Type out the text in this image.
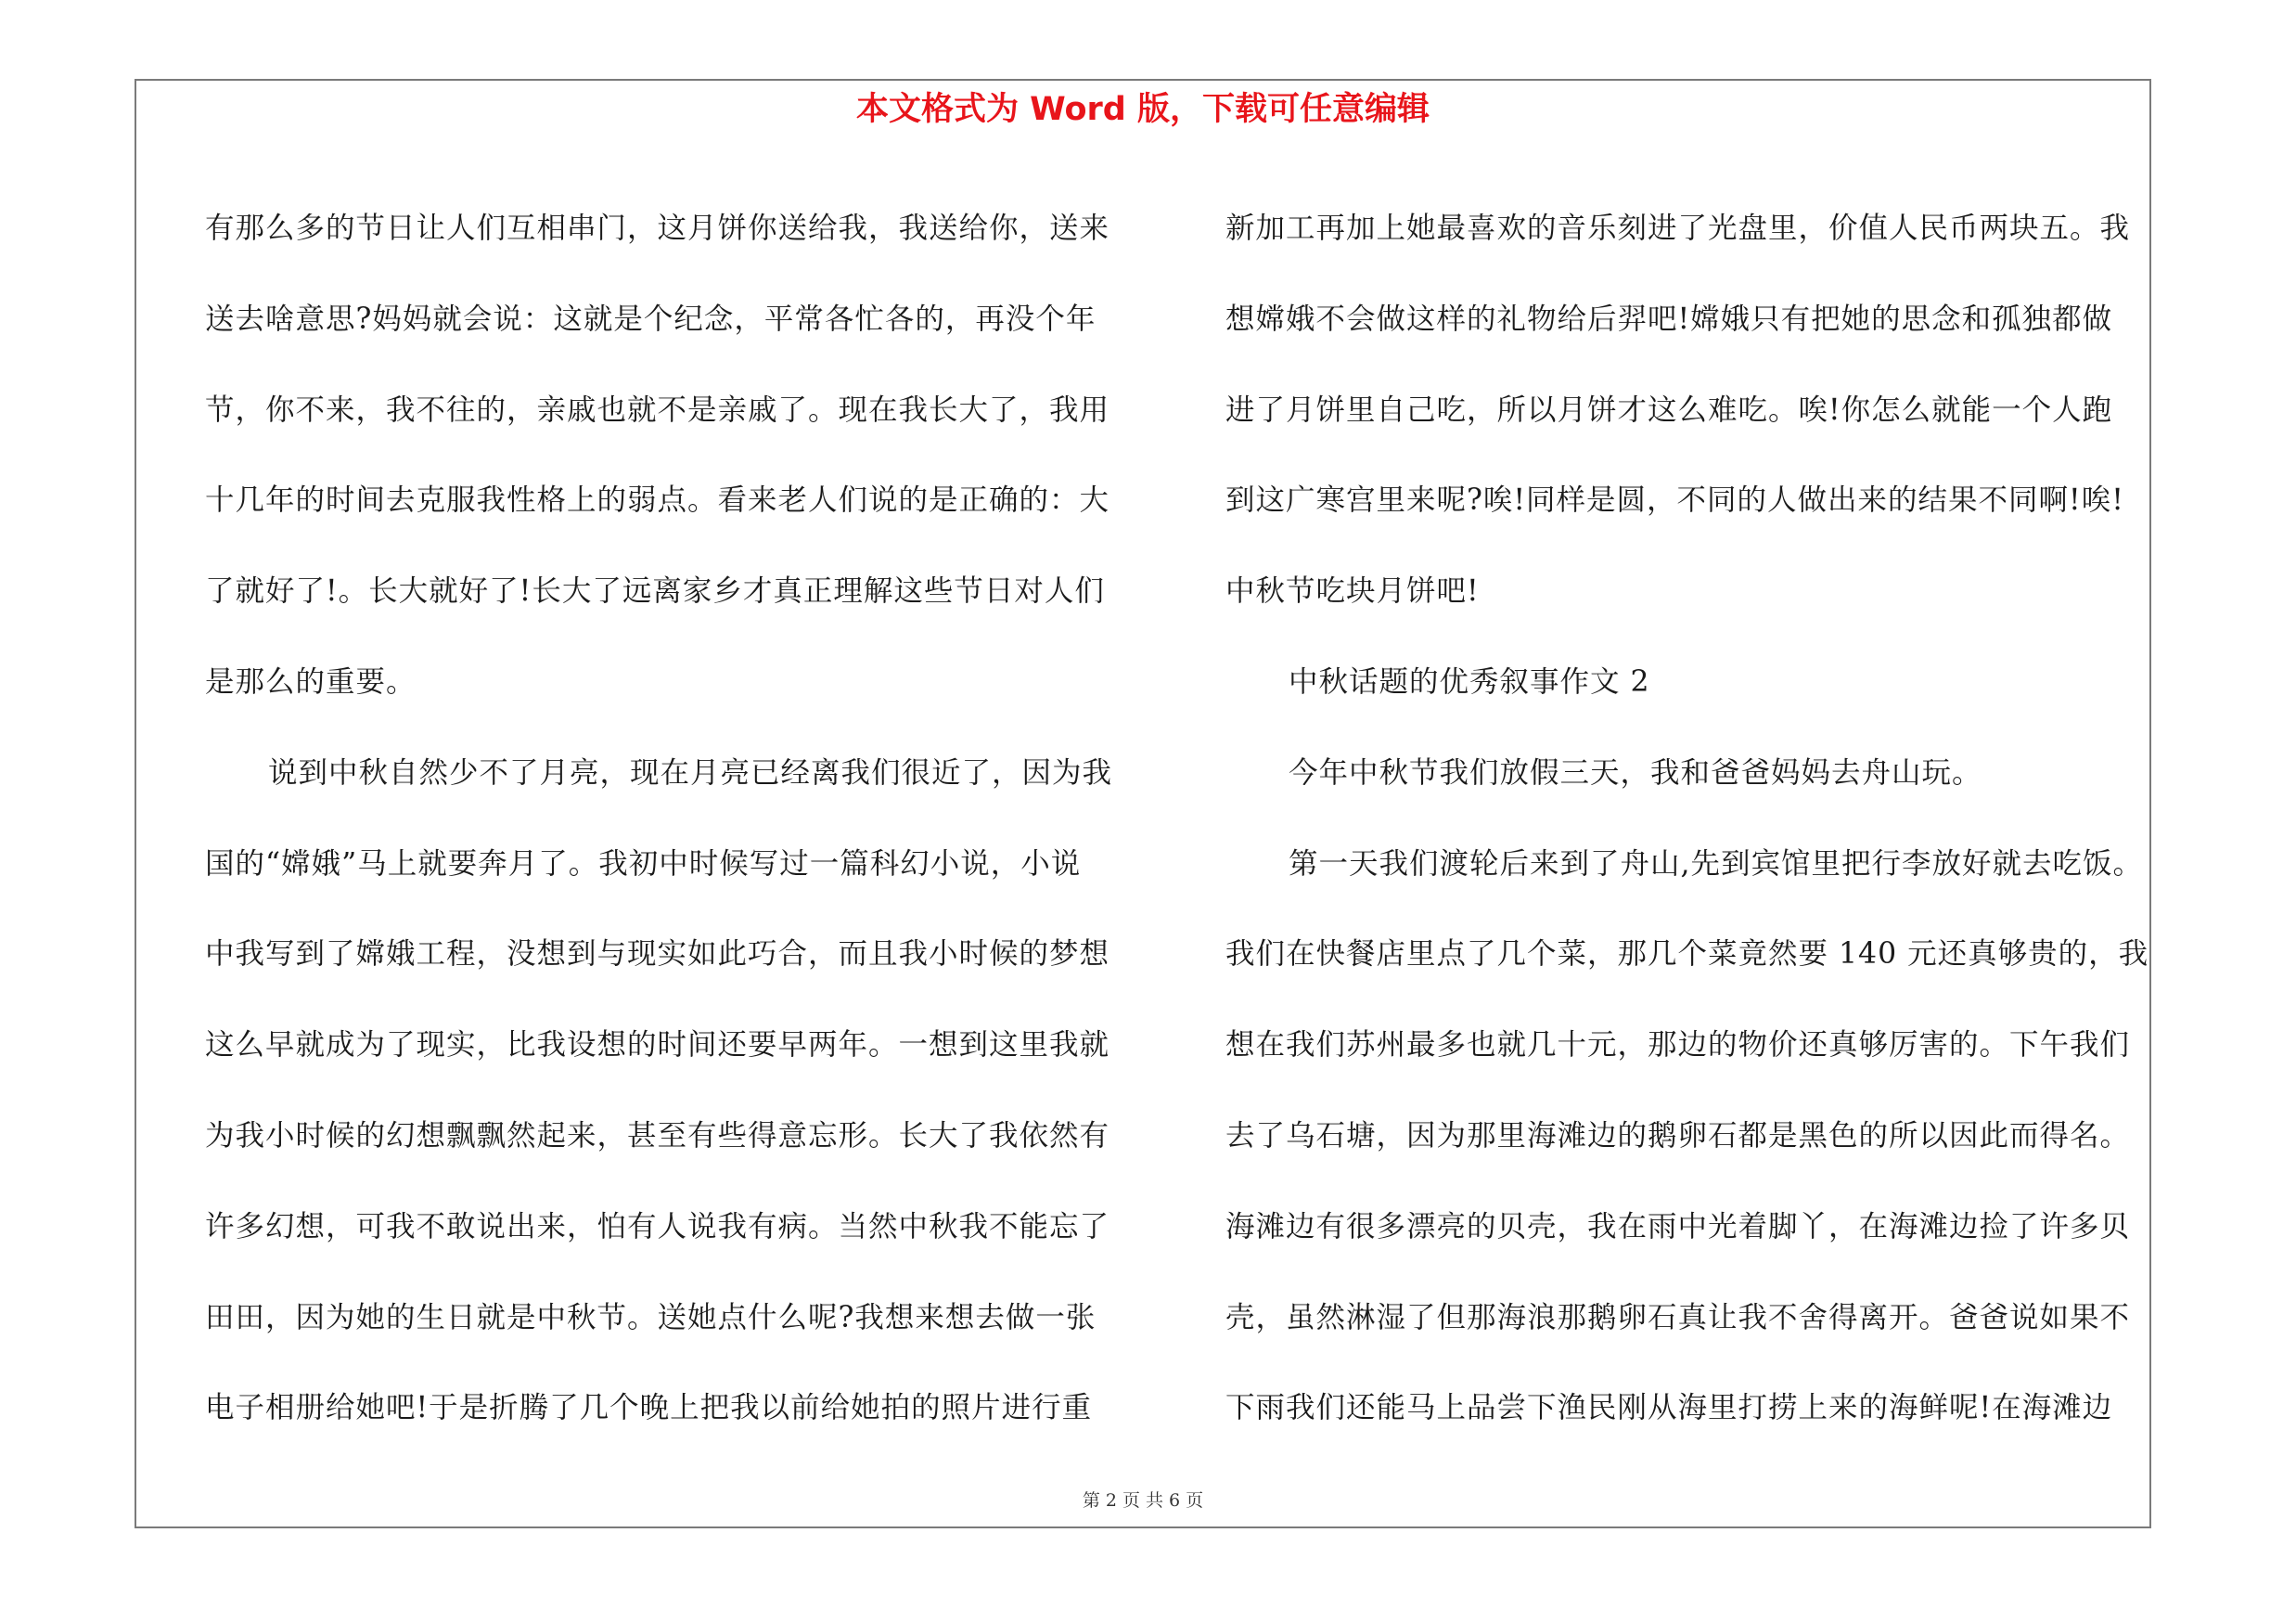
本文格式为 Word 版，下载可任意编辑
有那么多的节日让人们互相串门，这月饼你送给我，我送给你，送来
送去啥意思?妈妈就会说：这就是个纪念，平常各忙各的，再没个年
节，你不来，我不往的，亲戚也就不是亲戚了。现在我长大了，我用
十几年的时间去克服我性格上的弱点。看来老人们说的是正确的：大
了就好了!。长大就好了!长大了远离家乡才真正理解这些节日对人们
是那么的重要。
说到中秋自然少不了月亮，现在月亮已经离我们很近了，因为我
国的“嫦娥”马上就要奔月了。我初中时候写过一篇科幻小说，小说
中我写到了嫦娥工程，没想到与现实如此巧合，而且我小时候的梦想
这么早就成为了现实，比我设想的时间还要早两年。一想到这里我就
为我小时候的幻想飘飘然起来，甚至有些得意忘形。长大了我依然有
许多幻想，可我不敢说出来，怕有人说我有病。当然中秋我不能忘了
田田，因为她的生日就是中秋节。送她点什么呢?我想来想去做一张
电子相册给她吧!于是折腾了几个晚上把我以前给她拍的照片进行重
新加工再加上她最喜欢的音乐刻进了光盘里，价值人民币两块五。我
想嫦娥不会做这样的礼物给后羿吧!嫦娥只有把她的思念和孤独都做
进了月饼里自己吃，所以月饼才这么难吃。唉!你怎么就能一个人跑
到这广寒宫里来呢?唉!同样是圆，不同的人做出来的结果不同啊!唉!
中秋节吃块月饼吧!
中秋话题的优秀叙事作文 2
今年中秋节我们放假三天，我和爸爸妈妈去舟山玩。
第一天我们渡轮后来到了舟山,先到宾馆里把行李放好就去吃饭。
我们在快餐店里点了几个菜，那几个菜竟然要 140 元还真够贵的，我
想在我们苏州最多也就几十元，那边的物价还真够厉害的。下午我们
去了乌石塘，因为那里海滩边的鹅卵石都是黑色的所以因此而得名。
海滩边有很多漂亮的贝壳，我在雨中光着脚丫，在海滩边捡了许多贝
壳，虽然淋湿了但那海浪那鹅卵石真让我不舍得离开。爸爸说如果不
下雨我们还能马上品尝下渔民刚从海里打捞上来的海鲜呢!在海滩边
第 2 页 共 6 页
